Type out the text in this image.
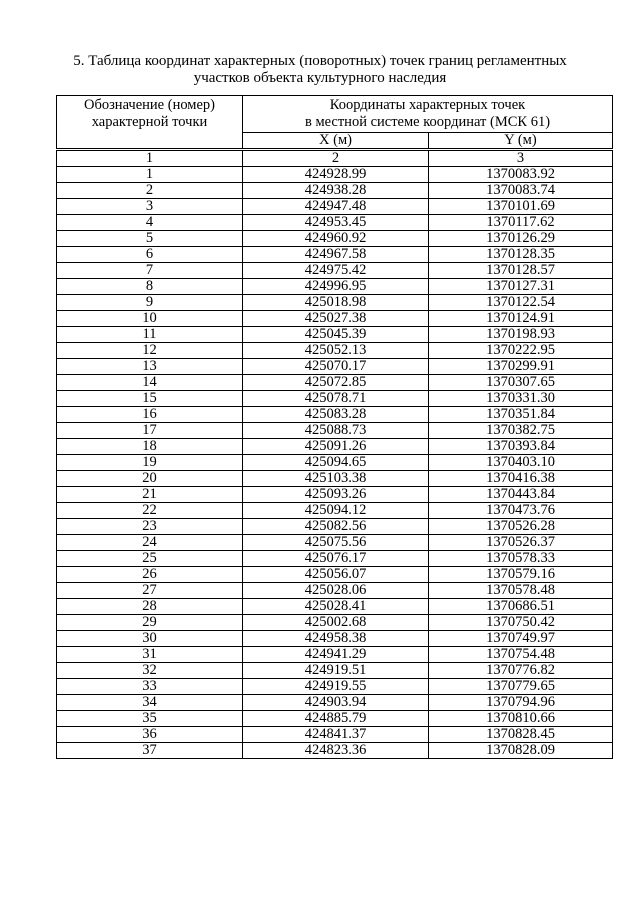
5. Таблица координат характерных (поворотных) точек границ регламентных
участков объекта культурного наследия
Обозначение (номер)
характерной точки	Координаты характерных точек
в местной системе координат (МСК 61)	

	X (м)	Y (м)
1	2	3
1	424928.99	1370083.92
2	424938.28	1370083.74
3	424947.48	1370101.69
4	424953.45	1370117.62
5	424960.92	1370126.29
6	424967.58	1370128.35
7	424975.42	1370128.57
8	424996.95	1370127.31
9	425018.98	1370122.54
10	425027.38	1370124.91
11	425045.39	1370198.93
12	425052.13	1370222.95
13	425070.17	1370299.91
14	425072.85	1370307.65
15	425078.71	1370331.30
16	425083.28	1370351.84
17	425088.73	1370382.75
18	425091.26	1370393.84
19	425094.65	1370403.10
20	425103.38	1370416.38
21	425093.26	1370443.84
22	425094.12	1370473.76
23	425082.56	1370526.28
24	425075.56	1370526.37
25	425076.17	1370578.33
26	425056.07	1370579.16
27	425028.06	1370578.48
28	425028.41	1370686.51
29	425002.68	1370750.42
30	424958.38	1370749.97
31	424941.29	1370754.48
32	424919.51	1370776.82
33	424919.55	1370779.65
34	424903.94	1370794.96
35	424885.79	1370810.66
36	424841.37	1370828.45
37	424823.36	1370828.09
